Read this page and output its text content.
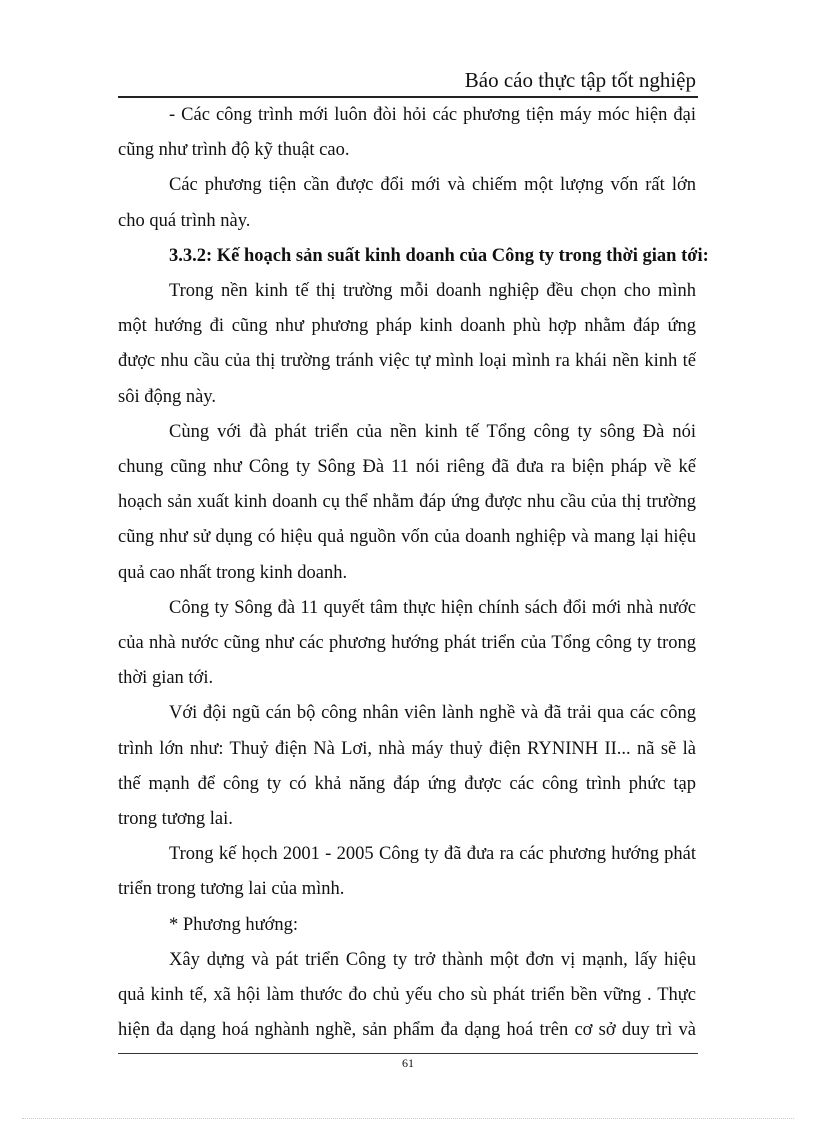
Báo cáo thực tập tốt nghiệp
- Các công trình mới luôn đòi hỏi các phương tiện máy móc hiện đại
cũng như trình độ kỹ thuật cao.
Các phương tiện cần được đổi mới và chiếm một lượng vốn rất lớn
cho quá trình này.
3.3.2: Kế hoạch sản suất kinh doanh của Công ty trong thời gian tới:
Trong nền kinh tế thị trường mỗi doanh nghiệp đều chọn cho mình
một hướng đi cũng như phương pháp kinh doanh phù hợp nhằm đáp ứng
được nhu cầu của thị trường tránh việc tự mình loại mình ra khái nền kinh tế
sôi động này.
Cùng với đà phát triển của nền kinh tế Tổng công ty sông Đà nói
chung cũng như Công ty Sông Đà 11 nói riêng đã đưa ra biện pháp về kế
hoạch sản xuất kinh doanh cụ thể nhằm đáp ứng được nhu cầu của thị trường
cũng như sử dụng có hiệu quả nguồn vốn của doanh nghiệp và mang lại hiệu
quả cao nhất trong kinh doanh.
Công ty Sông đà 11 quyết tâm thực hiện chính sách đổi mới nhà nước
của nhà nước cũng như các phương hướng phát triển của Tổng công ty trong
thời gian tới.
Với đội ngũ cán bộ công nhân viên lành nghề và đã trải qua các công
trình lớn như: Thuỷ điện Nà Lơi, nhà máy thuỷ điện RYNINH II... nã sẽ là
thế mạnh để công ty có khả năng đáp ứng được các công trình phức tạp
trong tương lai.
Trong kế họch 2001 - 2005 Công ty đã đưa ra các phương hướng phát
triển trong tương lai của mình.
* Phương hướng:
Xây dựng và pát triển Công ty trở thành một đơn vị mạnh, lấy hiệu
quả kinh tế, xã hội làm thước đo chủ yếu cho sù phát triển bền vững . Thực
hiện đa dạng hoá nghành nghề, sản phẩm đa dạng hoá trên cơ sở duy trì và
61
